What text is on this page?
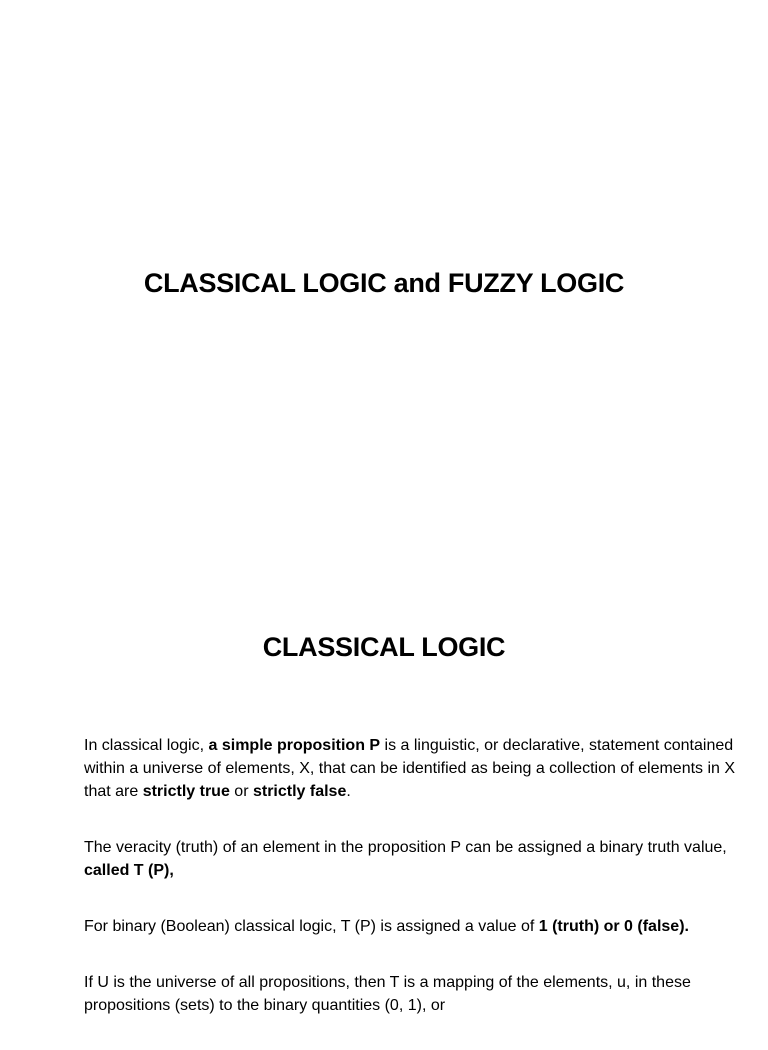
CLASSICAL LOGIC and FUZZY LOGIC
CLASSICAL LOGIC

In classical logic, a simple proposition P is a linguistic, or declarative, statement contained within a universe of elements, X, that can be identified as being a collection of elements in X that are strictly true or strictly false.

The veracity (truth) of an element in the proposition P can be assigned a binary truth value, called T (P),

For binary (Boolean) classical logic, T (P) is assigned a value of 1 (truth) or 0 (false).

If U is the universe of all propositions, then T is a mapping of the elements, u, in these propositions (sets) to the binary quantities (0, 1), or
